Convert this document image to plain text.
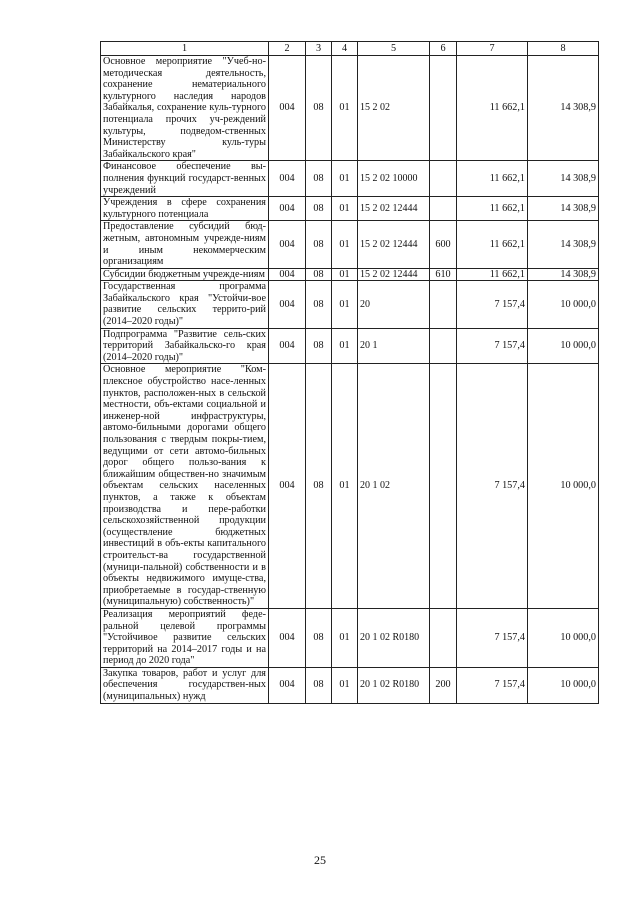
1	2	3	4	5	6	7	8
Основное мероприятие "Учеб-но-методическая деятельность, сохранение нематериального культурного наследия народов Забайкалья, сохранение куль-турного потенциала прочих уч-реждений культуры, подведом-ственных Министерству куль-туры Забайкальского края"	004	08	01	15 2 02		11 662,1	14 308,9
Финансовое обеспечение вы-полнения функций государст-венных учреждений	004	08	01	15 2 02 10000		11 662,1	14 308,9
Учреждения в сфере сохранения культурного потенциала	004	08	01	15 2 02 12444		11 662,1	14 308,9
Предоставление субсидий бюд-жетным, автономным учрежде-ниям и иным некоммерческим организациям	004	08	01	15 2 02 12444	600	11 662,1	14 308,9
Субсидии бюджетным учрежде-ниям	004	08	01	15 2 02 12444	610	11 662,1	14 308,9
Государственная программа Забайкальского края "Устойчи-вое развитие сельских террито-рий (2014–2020 годы)"	004	08	01	20		7 157,4	10 000,0
Подпрограмма "Развитие сель-ских территорий Забайкальско-го края (2014–2020 годы)"	004	08	01	20 1		7 157,4	10 000,0
Основное мероприятие "Ком-плексное обустройство насе-ленных пунктов, расположен-ных в сельской местности, объ-ектами социальной и инженер-ной инфраструктуры, автомо-бильными дорогами общего пользования с твердым покры-тием, ведущими от сети автомо-бильных дорог общего пользо-вания к ближайшим обществен-но значимым объектам сельских населенных пунктов, а также к объектам производства и пере-работки сельскохозяйственной продукции (осуществление бюджетных инвестиций в объ-екты капитального строительст-ва государственной (муници-пальной) собственности и в объекты недвижимого имуще-ства, приобретаемые в государ-ственную (муниципальную) собственность)"	004	08	01	20 1 02		7 157,4	10 000,0
Реализация мероприятий феде-ральной целевой программы "Устойчивое развитие сельских территорий на 2014–2017 годы и на период до 2020 года"	004	08	01	20 1 02 R0180		7 157,4	10 000,0
Закупка товаров, работ и услуг для обеспечения государствен-ных (муниципальных) нужд	004	08	01	20 1 02 R0180	200	7 157,4	10 000,0
25
